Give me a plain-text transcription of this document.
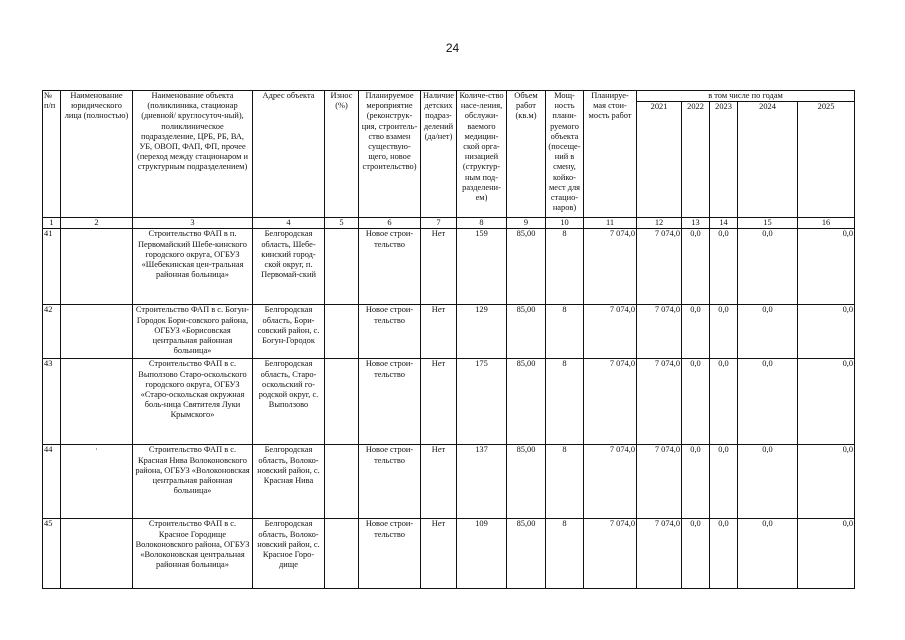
24
№ п/п	Наименование юридического лица (полностью)	Наименование объекта (поликлиника, стационар (дневной/ круглосуточ-ный), поликлиническое подразделение, ЦРБ, РБ, ВА, УБ, ОВОП, ФАП, ФП, прочее (переход между стационаром и структурным подразделением)	Адрес объекта	Износ (%)	Планируемое мероприятие (реконструк-ция, строитель-ство взамен существую-щего, новое строительство)	Наличие детских подраз-делений (да/нет)	Количе-ство насе-ления, обслужи-ваемого медицин-ской орга-низацией (структур-ным под-разделени-ем)	Объем работ (кв.м)	Мощ-ность плани-руемого объекта (посеще-ний в смену, койко-мест для стацио-наров)	Планируе-мая стои-мость работ	в том числе по годам				
											2021	2022	2023	2024	2025
1	2	3	4	5	6	7	8	9	10	11	12	13	14	15	16
41		Строительство ФАП в п. Первомайский Шебе-кинского городского округа, ОГБУЗ «Шебекинская цен-тральная районная больница»	Белгородская область, Шебе-кинский город-ской округ, п. Первомай-ский		Новое строи-тельство	Нет	159	85,00	8	7 074,0	7 074,0	0,0	0,0	0,0	0,0
42		Строительство ФАП в с. Богун-Городок Бори-совского района, ОГБУЗ «Борисовская центральная районная больница»	Белгородская область, Бори-совский район, с. Богун-Городок		Новое строи-тельство	Нет	129	85,00	8	7 074,0	7 074,0	0,0	0,0	0,0	0,0
43		Строительство ФАП в с. Выползово Старо-оскольского городского округа, ОГБУЗ «Старо-оскольская окружная боль-ница Святителя Луки Крымского»	Белгородская область, Старо-оскольский го-родской округ, с. Выползово		Новое строи-тельство	Нет	175	85,00	8	7 074,0	7 074,0	0,0	0,0	0,0	0,0
44	·	Строительство ФАП в с. Красная Нива Волоконовского района, ОГБУЗ «Волоконовская центральная районная больница»	Белгородская область, Волоко-новский район, с. Красная Нива		Новое строи-тельство	Нет	137	85,00	8	7 074,0	7 074,0	0,0	0,0	0,0	0,0
45		Строительство ФАП в с. Красное Городище Волоконовского района, ОГБУЗ «Волоконовская центральная районная больница»	Белгородская область, Волоко-новский район, с. Красное Горо-дище		Новое строи-тельство	Нет	109	85,00	8	7 074,0	7 074,0	0,0	0,0	0,0	0,0
